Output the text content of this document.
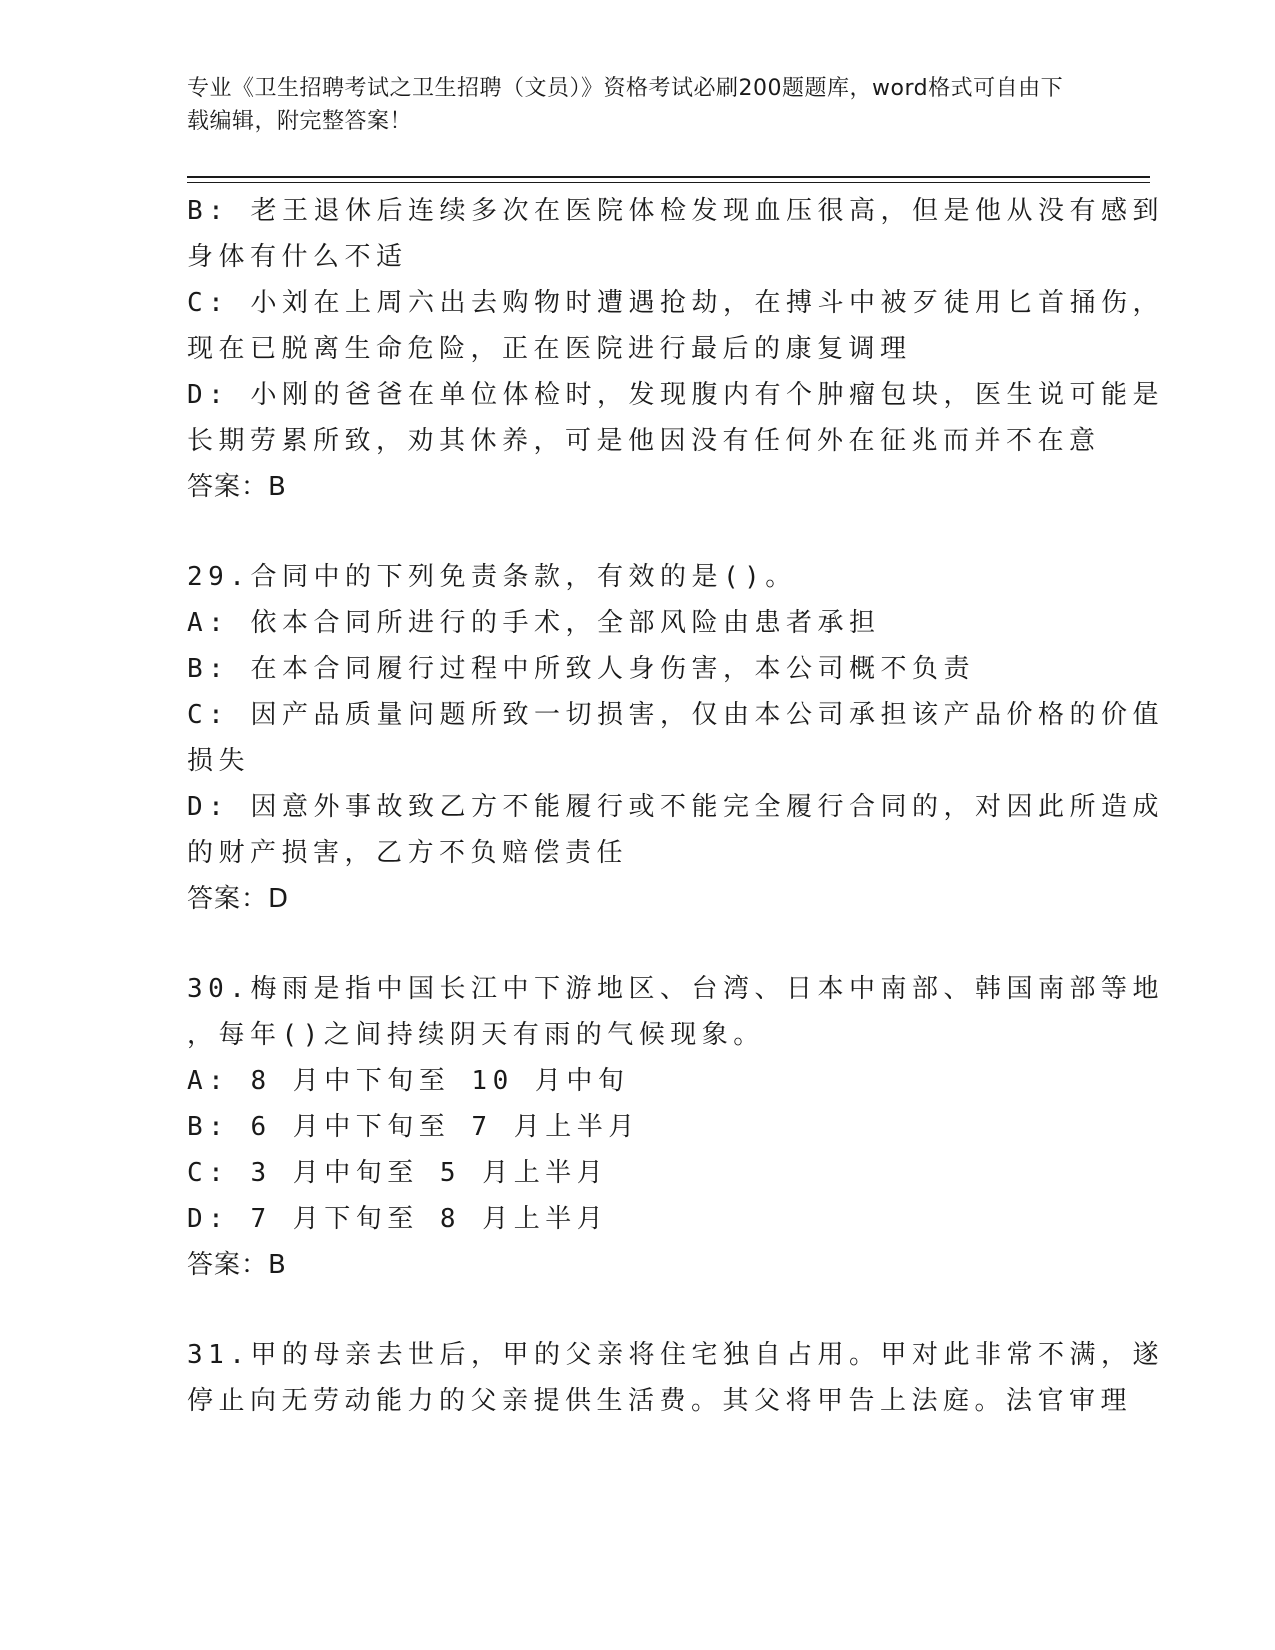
专业《卫生招聘考试之卫生招聘（文员）》资格考试必刷200题题库，word格式可自由下载编辑，附完整答案！
B: 老王退休后连续多次在医院体检发现血压很高，但是他从没有感到
身体有什么不适
C: 小刘在上周六出去购物时遭遇抢劫，在搏斗中被歹徒用匕首捅伤，
现在已脱离生命危险，正在医院进行最后的康复调理
D: 小刚的爸爸在单位体检时，发现腹内有个肿瘤包块，医生说可能是
长期劳累所致，劝其休养，可是他因没有任何外在征兆而并不在意
答案：B
29.合同中的下列免责条款，有效的是()。
A: 依本合同所进行的手术，全部风险由患者承担
B: 在本合同履行过程中所致人身伤害，本公司概不负责
C: 因产品质量问题所致一切损害，仅由本公司承担该产品价格的价值
损失
D: 因意外事故致乙方不能履行或不能完全履行合同的，对因此所造成
的财产损害，乙方不负赔偿责任
答案：D
30.梅雨是指中国长江中下游地区、台湾、日本中南部、韩国南部等地
，每年()之间持续阴天有雨的气候现象。
A: 8 月中下旬至 10 月中旬
B: 6 月中下旬至 7 月上半月
C: 3 月中旬至 5 月上半月
D: 7 月下旬至 8 月上半月
答案：B
31.甲的母亲去世后，甲的父亲将住宅独自占用。甲对此非常不满，遂
停止向无劳动能力的父亲提供生活费。其父将甲告上法庭。法官审理
